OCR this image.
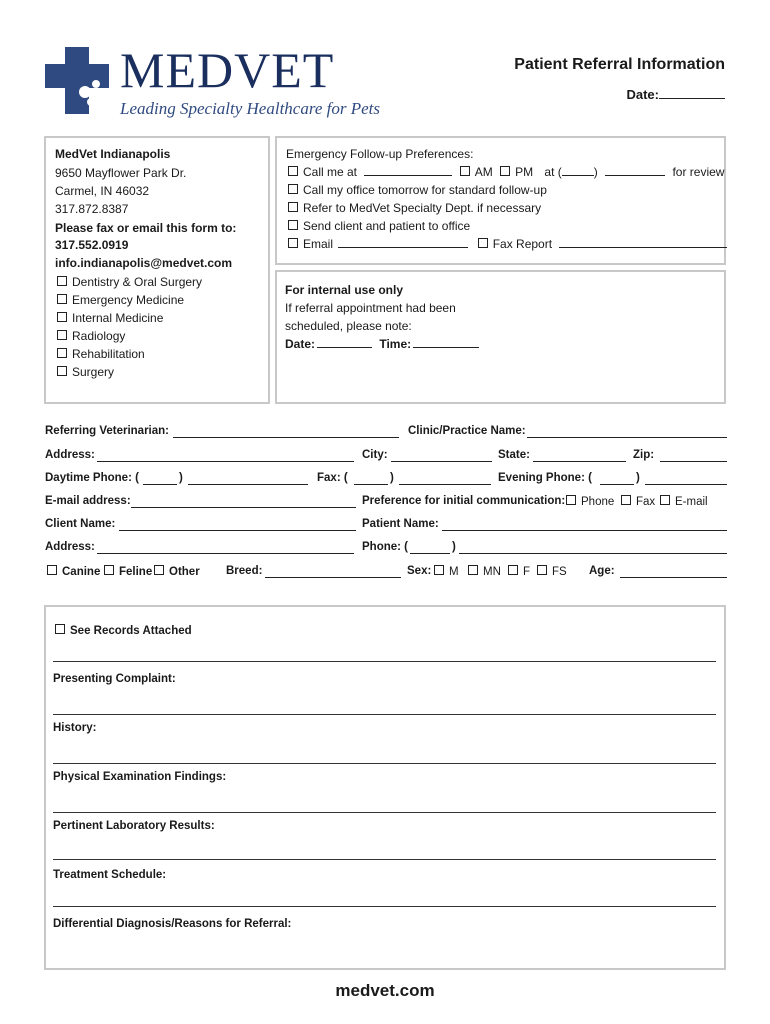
MEDVET
Leading Specialty Healthcare for Pets
Patient Referral Information
Date:
MedVet Indianapolis
9650 Mayflower Park Dr.
Carmel, IN 46032
317.872.8387
Please fax or email this form to:
317.552.0919
info.indianapolis@medvet.com
Dentistry & Oral Surgery
Emergency Medicine
Internal Medicine
Radiology
Rehabilitation
Surgery
Emergency Follow-up Preferences:
Call me at	AM PM at (	)	for review
Call my office tomorrow for standard follow-up
Refer to MedVet Specialty Dept. if necessary
Send client and patient to office
Email	Fax Report
For internal use only
If referral appointment had been
scheduled, please note:
Date:	Time:
Referring Veterinarian:	Clinic/Practice Name:
Address:	City:	State:	Zip:
Daytime Phone: (	)	Fax: (	)	Evening Phone: (	)
E-mail address:	Preference for initial communication:	Phone	Fax	E-mail
Client Name:	Patient Name:
Address:	Phone: (	)
Canine	Feline	Other Breed:	Sex:	M	MN	F	FS Age:
See Records Attached
Presenting Complaint:
History:
Physical Examination Findings:
Pertinent Laboratory Results:
Treatment Schedule:
Differential Diagnosis/Reasons for Referral:
medvet.com
